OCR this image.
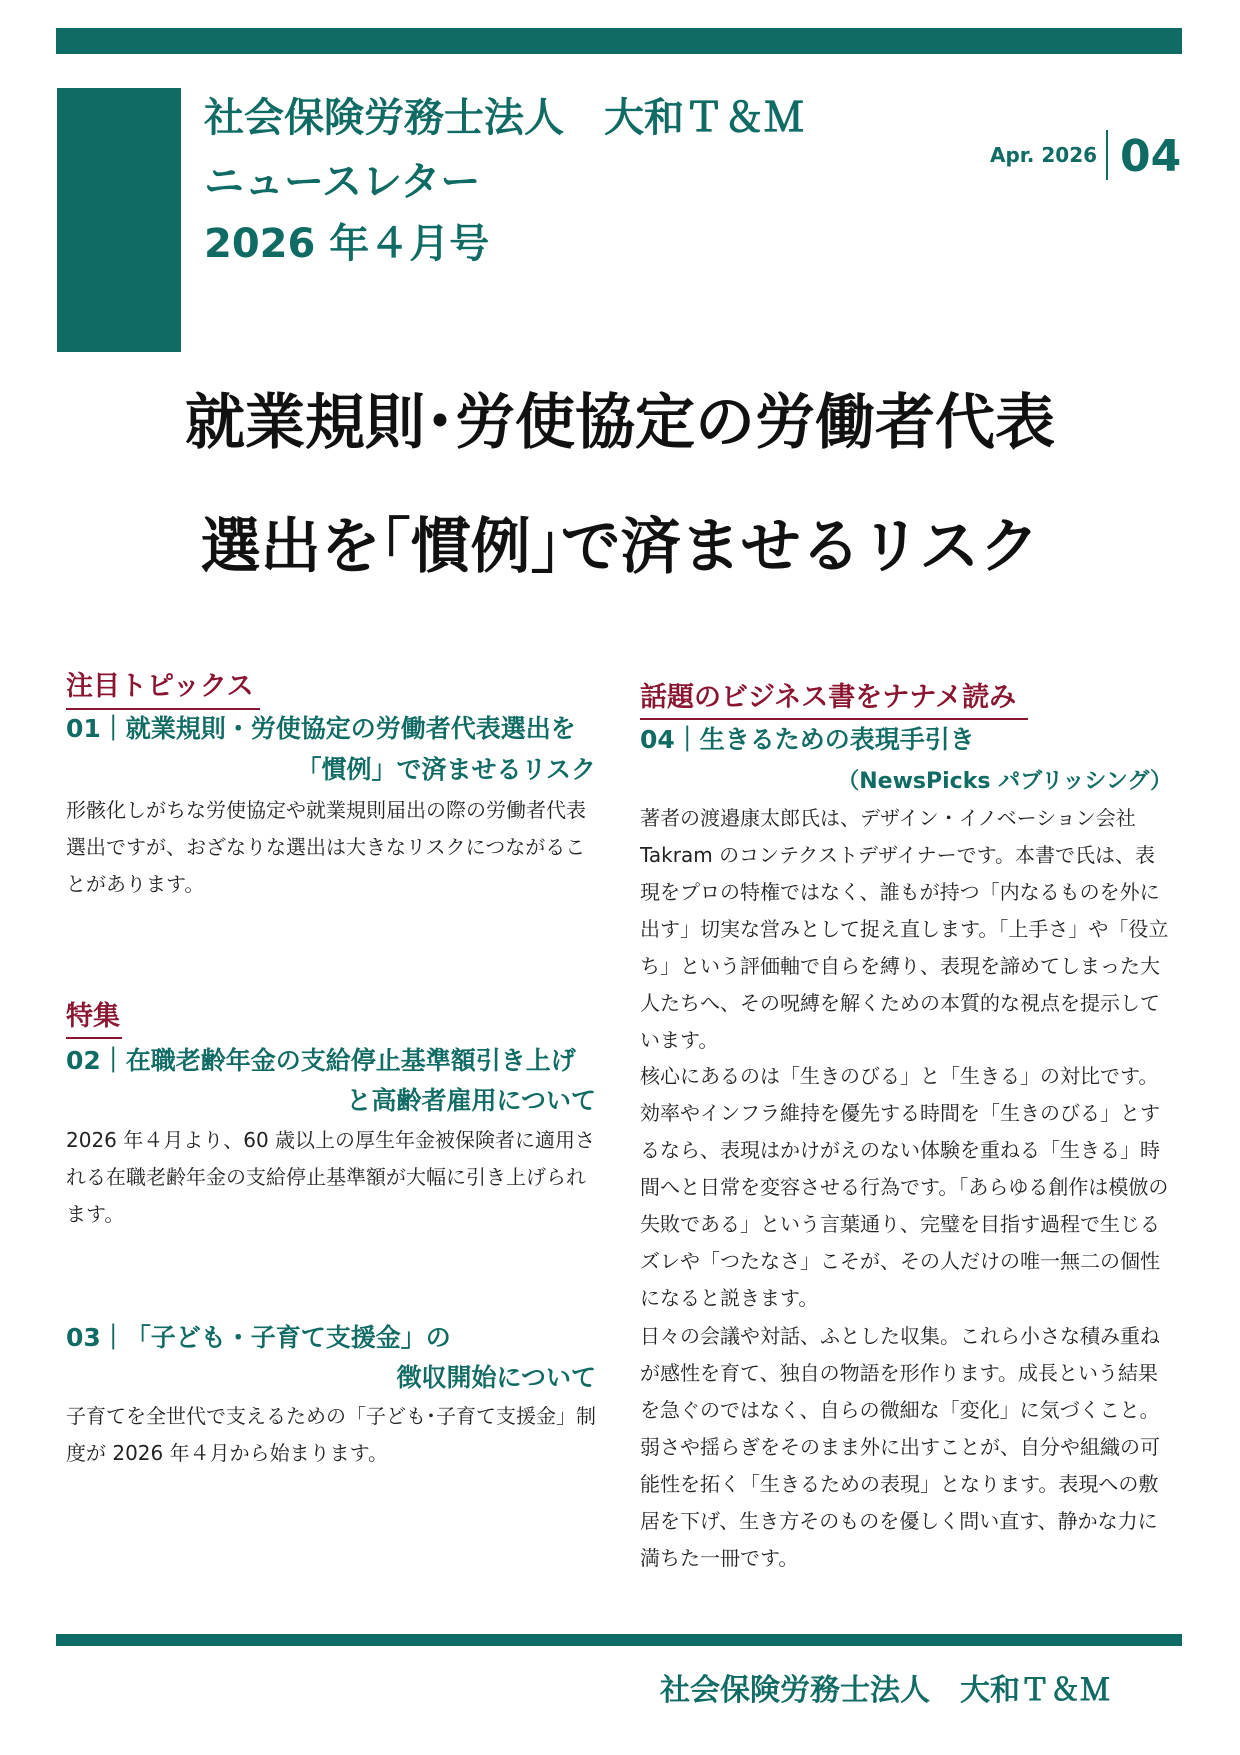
社会保険労務士法人　大和Ｔ＆Ｍ
ニュースレター
2026 年４月号
Apr. 2026 04
就業規則･労使協定の労働者代表
選出を｢慣例｣で済ませるリスク
注目トピックス
01｜就業規則・労使協定の労働者代表選出を
「慣例」で済ませるリスク
形骸化しがちな労使協定や就業規則届出の際の労働者代表選出ですが、おざなりな選出は大きなリスクにつながることがあります。
特集
02｜在職老齢年金の支給停止基準額引き上げ
と高齢者雇用について
2026 年４月より、60 歳以上の厚生年金被保険者に適用される在職老齢年金の支給停止基準額が大幅に引き上げられます。
03｜「子ども・子育て支援金」の
徴収開始について
子育てを全世代で支えるための「子ども･子育て支援金」制度が 2026 年４月から始まります。
話題のビジネス書をナナメ読み
04｜生きるための表現手引き
（NewsPicks パブリッシング）
著者の渡邉康太郎氏は、デザイン・イノベーション会社 Takram のコンテクストデザイナーです。本書で氏は、表現をプロの特権ではなく、誰もが持つ「内なるものを外に出す」切実な営みとして捉え直します。「上手さ」や「役立ち」という評価軸で自らを縛り、表現を諦めてしまった大人たちへ、その呪縛を解くための本質的な視点を提示しています。
核心にあるのは「生きのびる」と「生きる」の対比です。効率やインフラ維持を優先する時間を「生きのびる」とするなら、表現はかけがえのない体験を重ねる「生きる」時間へと日常を変容させる行為です。「あらゆる創作は模倣の失敗である」という言葉通り、完璧を目指す過程で生じるズレや「つたなさ」こそが、その人だけの唯一無二の個性になると説きます。
日々の会議や対話、ふとした収集。これら小さな積み重ねが感性を育て、独自の物語を形作ります。成長という結果を急ぐのではなく、自らの微細な「変化」に気づくこと。弱さや揺らぎをそのまま外に出すことが、自分や組織の可能性を拓く「生きるための表現」となります。表現への敷居を下げ、生き方そのものを優しく問い直す、静かな力に満ちた一冊です。
社会保険労務士法人　大和Ｔ＆Ｍ
